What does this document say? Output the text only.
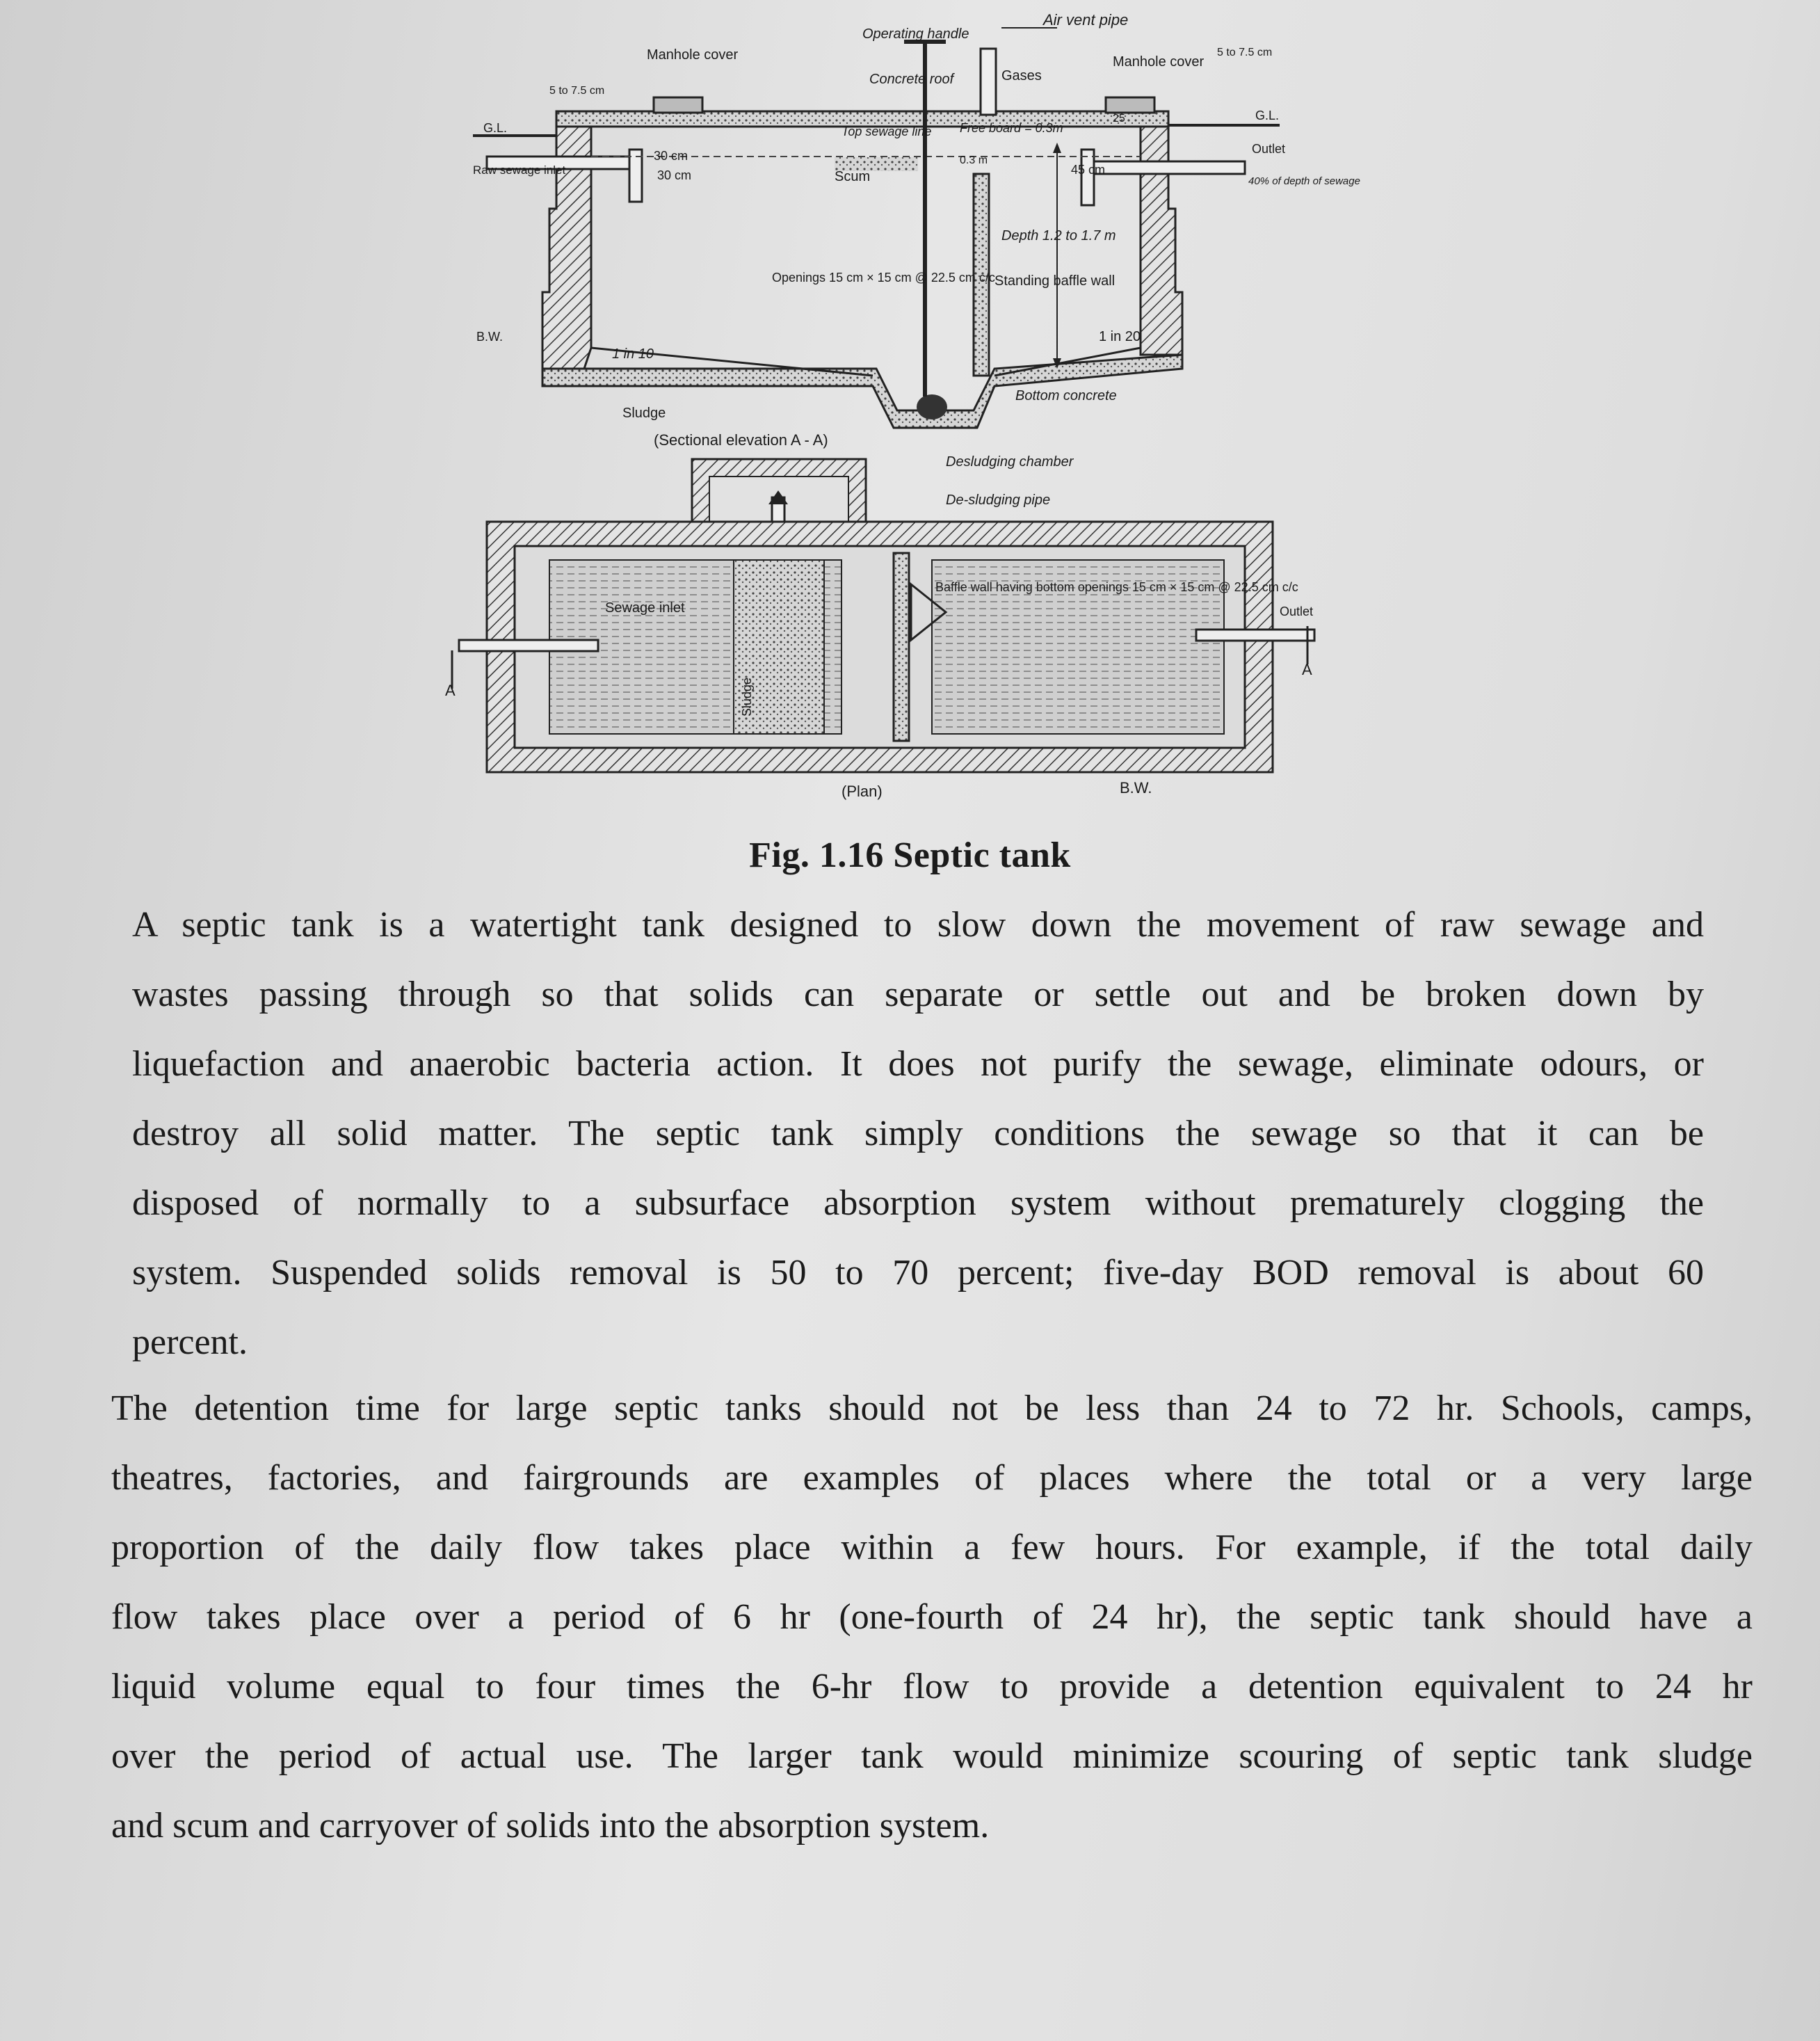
Air vent pipe
Operating handle
Manhole cover	Manhole cover
Concrete roof	Gases
5 to 7.5 cm
5 to 7.5 cm
G.L.
G.L.
Top sewage line Free board = 0.3m
Raw sewage inlet
30 cm
30 cm
0.3 m
Scum	45 cm
25
Outlet
40% of depth of sewage
Depth 1.2 to 1.7 m
Openings 15 cm × 15 cm @ 22.5 cm c/c Standing baffle wall
B.W.
1 in 10
1 in 20
Sludge
Bottom concrete
(Sectional elevation A - A)
Desludging chamber
De-sludging pipe
Sewage inlet
Sludge
Baffle wall having bottom openings 15 cm × 15 cm @ 22.5 cm c/c
Outlet
A
A
(Plan)	B.W.
Fig. 1.16 Septic tank
A septic tank is a watertight tank designed to slow down the movement of raw sewage and
wastes passing through so that solids can separate or settle out and be broken down by
liquefaction and anaerobic bacteria action. It does not purify the sewage, eliminate odours, or
destroy all solid matter. The septic tank simply conditions the sewage so that it can be
disposed of normally to a subsurface absorption system without prematurely clogging the
system. Suspended solids removal is 50 to 70 percent; five-day BOD removal is about 60
percent.
The detention time for large septic tanks should not be less than 24 to 72 hr. Schools, camps,
theatres, factories, and fairgrounds are examples of places where the total or a very large
proportion of the daily flow takes place within a few hours. For example, if the total daily
flow takes place over a period of 6 hr (one-fourth of 24 hr), the septic tank should have a
liquid volume equal to four times the 6-hr flow to provide a detention equivalent to 24 hr
over the period of actual use. The larger tank would minimize scouring of septic tank sludge
and scum and carryover of solids into the absorption system.
